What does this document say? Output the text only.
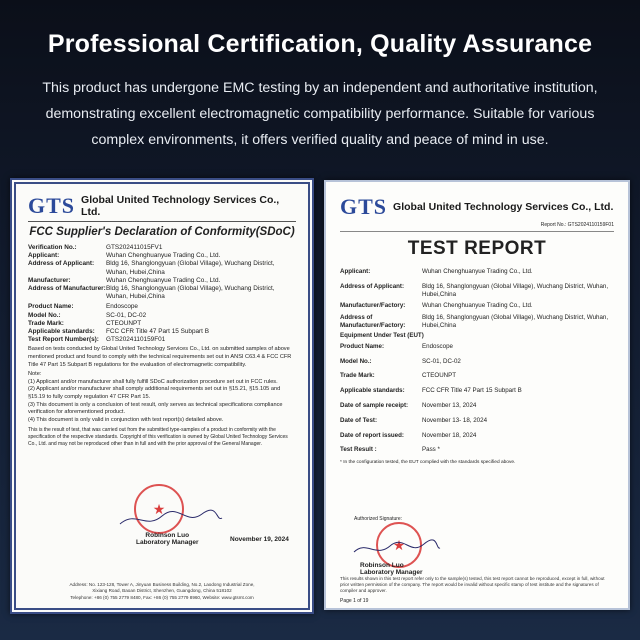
Professional Certification, Quality Assurance
This product has undergone EMC testing by an independent and authoritative institution,
demonstrating excellent electromagnetic compatibility performance. Suitable for various
complex environments, it offers verified quality and peace of mind in use.
GTS Global United Technology Services Co., Ltd.
FCC Supplier's Declaration of Conformity(SDoC)
Verification No.:	GTS202411015FV1
Applicant:	Wuhan Chenghuanyue Trading Co., Ltd.
Address of Applicant:	Bldg 16, Shanglongyuan (Global Village), Wuchang District, Wuhan, Hubei,China
Manufacturer:	Wuhan Chenghuanyue Trading Co., Ltd.
Address of Manufacturer: Bldg 16, Shanglongyuan (Global Village), Wuchang District, Wuhan, Hubei,China
Product Name:	Endoscope
Model No.:	SC-01, DC-02
Trade Mark:	CTEOUNPT
Applicable standards:	FCC CFR Title 47 Part 15 Subpart B
Test Report Number(s):	GTS2024110159F01
Based on tests conducted by Global United Technology Services Co., Ltd. on submitted samples of above mentioned product and found to comply with the technical requirements set out in ANSI C63.4 & FCC CFR Title 47 Part 15 Subpart B regulations for the evaluation of electromagnetic compatibility.
Note:
(1) Applicant and/or manufacturer shall fully fulfill SDoC authorization procedure set out in FCC rules.
(2) Applicant and/or manufacturer shall comply additional requirements set out in §15.21, §15.105 and §15.19 to fully comply regulation 47 CFR Part 15.
(3) This document is only a conclusion of test result, only serves as technical specifications compliance verification for aforementioned product.
(4) This document is only valid in conjunction with test report(s) detailed above.
This is the result of test, that was carried out from the submitted type-samples of a product in conformity with the specification of the respective standards. Copyright of this verification is owned by Global United Technology Services Co., Ltd. and may not be reproduced other than in full and with the prior approval of the General Manager.
★
Robinson Luo
Laboratory Manager	November 19, 2024
Address: No. 123-128, Tower A, Jinyuan Business Building, No.2, Laodong Industrial Zone,
Xixiang Road, Baoan District, Shenzhen, Guangdong, China 518102
Telephone: +86 (0) 755 2779 8480, Fax: +86 (0) 755 2779 8960, Website: www.gtsmt.com
GTS Global United Technology Services Co., Ltd.
Report No.: GTS2024110159F01
TEST REPORT
Applicant:	Wuhan Chenghuanyue Trading Co., Ltd.
Address of Applicant:	Bldg 16, Shanglongyuan (Global Village), Wuchang District, Wuhan, Hubei,China
Manufacturer/Factory:	Wuhan Chenghuanyue Trading Co., Ltd.
Address of Manufacturer/Factory:
Bldg 16, Shanglongyuan (Global Village), Wuchang District, Wuhan, Hubei,China
Equipment Under Test (EUT)
Product Name:	Endoscope
Model No.:	SC-01, DC-02
Trade Mark:	CTEOUNPT
Applicable standards:	FCC CFR Title 47 Part 15 Subpart B
Date of sample receipt:	November 13, 2024
Date of Test:	November 13- 18, 2024
Date of report issued:	November 18, 2024
Test Result :	Pass *
* In the configuration tested, the EUT complied with the standards specified above.
Authorized Signature:
★
Robinson Luo
Laboratory Manager
This results shown in this test report refer only to the sample(s) tested, this test report cannot be reproduced, except in full, without prior written permission of the company. The report would be invalid without specific stamp of test institute and the signatures of compiler and approver.
Page 1 of 19
